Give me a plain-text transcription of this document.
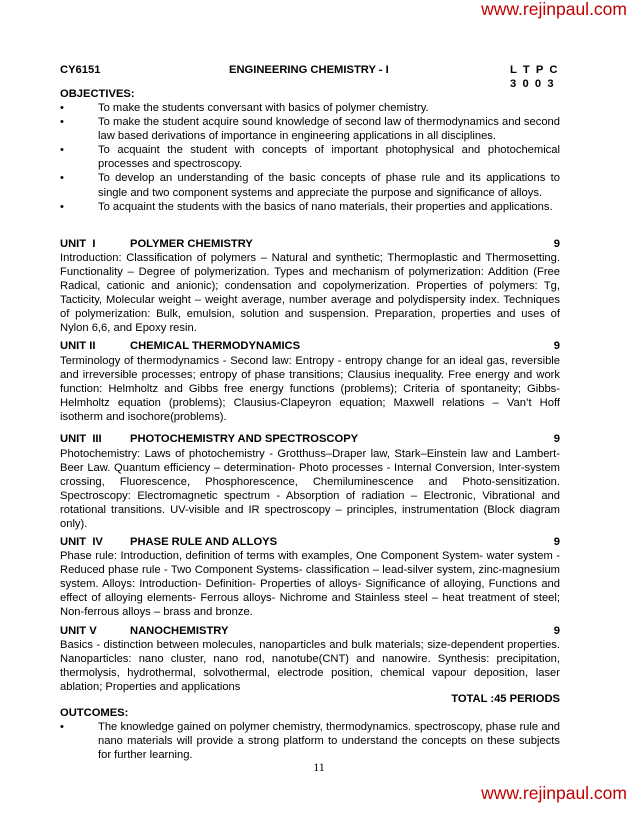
www.rejinpaul.com
CY6151	ENGINEERING CHEMISTRY - I	L  T  P  C
3  0  0  3
OBJECTIVES:
•	To make the students conversant with basics of polymer chemistry.
•	To make the student acquire sound knowledge of second law of thermodynamics and second law based derivations of importance in engineering applications in all disciplines.
•	To acquaint the student with concepts of important photophysical and photochemical processes and spectroscopy.
•	To develop an understanding of the basic concepts of phase rule and its applications to single and two component systems and appreciate the purpose and significance of alloys.
•	To acquaint the students with the basics of nano materials, their properties and applications.
UNIT  I	POLYMER CHEMISTRY	9
Introduction: Classification of polymers – Natural and synthetic; Thermoplastic and Thermosetting. Functionality – Degree of polymerization. Types and mechanism of polymerization: Addition (Free Radical, cationic and anionic); condensation and copolymerization. Properties of polymers: Tg, Tacticity, Molecular weight – weight average, number average and polydispersity index. Techniques of polymerization: Bulk, emulsion, solution and suspension. Preparation, properties and uses of Nylon 6,6, and Epoxy resin.
UNIT II	CHEMICAL THERMODYNAMICS	9
Terminology of thermodynamics - Second law: Entropy - entropy change for an ideal gas, reversible and irreversible processes; entropy of phase transitions; Clausius inequality. Free energy and work function: Helmholtz and Gibbs free energy functions (problems); Criteria of spontaneity; Gibbs-Helmholtz equation (problems); Clausius-Clapeyron equation; Maxwell relations – Van’t Hoff isotherm and isochore(problems).
UNIT  III	PHOTOCHEMISTRY AND SPECTROSCOPY	9
Photochemistry: Laws of photochemistry - Grotthuss–Draper law, Stark–Einstein law and Lambert-Beer Law. Quantum efficiency – determination- Photo processes - Internal Conversion, Inter-system crossing, Fluorescence, Phosphorescence, Chemiluminescence and Photo-sensitization. Spectroscopy: Electromagnetic spectrum - Absorption of radiation – Electronic, Vibrational and rotational transitions. UV-visible and IR spectroscopy – principles, instrumentation (Block diagram only).
UNIT  IV PHASE RULE AND ALLOYS	9
Phase rule: Introduction, definition of terms with examples, One Component System- water system - Reduced phase rule - Two Component Systems- classification – lead-silver system, zinc-magnesium system. Alloys: Introduction- Definition- Properties of alloys- Significance of alloying, Functions and effect of alloying elements- Ferrous alloys- Nichrome and Stainless steel – heat treatment of steel; Non-ferrous alloys – brass and bronze.
UNIT V	NANOCHEMISTRY	9
Basics - distinction between molecules, nanoparticles and bulk materials; size-dependent properties. Nanoparticles: nano cluster, nano rod, nanotube(CNT) and nanowire. Synthesis: precipitation, thermolysis, hydrothermal, solvothermal, electrode position, chemical vapour deposition, laser ablation; Properties and applications
TOTAL :45 PERIODS
OUTCOMES:
•	The knowledge gained on polymer chemistry, thermodynamics. spectroscopy, phase rule and nano materials will provide a strong platform to understand the concepts on these subjects for further learning.
11
www.rejinpaul.com
